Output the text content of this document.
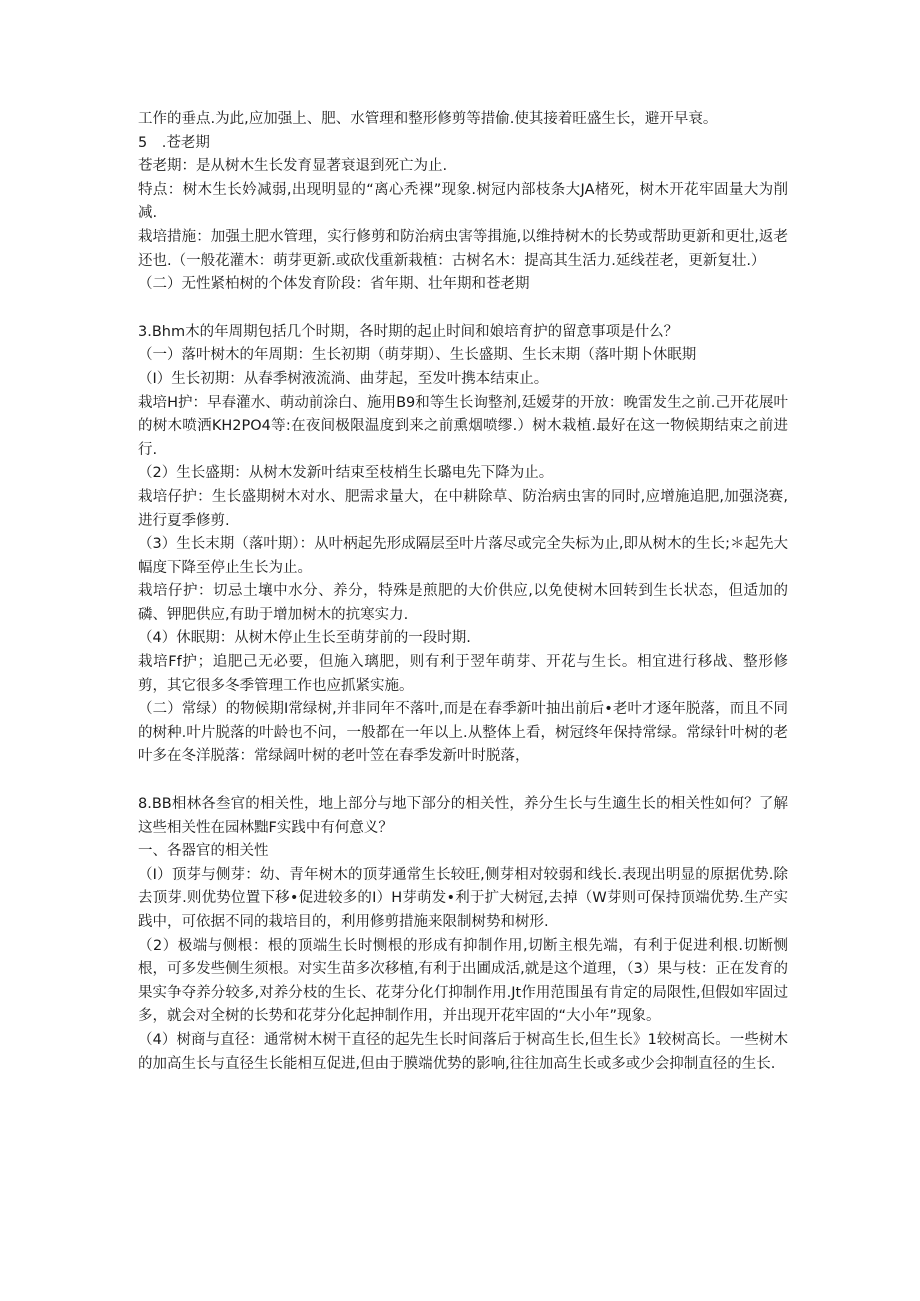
工作的垂点.为此,应加强上、肥、水管理和整形修剪等措偷.使其接着旺盛生长，避开早衰。

5　.苍老期

苍老期：是从树木生长发育显著衰退到死亡为止.

特点：树木生长妗减弱,出现明显的“离心秃裸”现象.树冠内部枝条大JA楮死，树木开花牢固量大为削减.

栽培措施：加强土肥水管理，实行修剪和防治病虫害等揖施,以维持树木的长势或帮助更新和更壮,返老还也.（一般花灌木：萌芽更新.或砍伐重新栽植：古树名木：提高其生活力.延线茬老，更新复壮.）

（二）无性紧柏树的个体发育阶段：省年期、壮年期和苍老期

3.Bhm木的年周期包括几个时期，各时期的起止时间和娘培育护的留意事项是什么？

（一）落叶树木的年周期：生长初期（萌芽期）、生长盛期、生长末期（落叶期卜休眠期

（I）生长初期：从春季树液流淌、曲芽起，至发叶携本结束止。

栽培H护：早春灌水、萌动前涂白、施用B9和等生长询整剂,廷嫒芽的开放：晚雷发生之前.己开花展叶的树木喷洒KH2PO4等:在夜间极限温度到来之前熏烟喷缪.）树木栽植.最好在这一物候期结束之前进行.

（2）生长盛期：从树木发新叶结束至枝梢生长璐电先下降为止。

栽培仔护：生长盛期树木对水、肥需求量大，在中耕除草、防治病虫害的同时,应增施追肥,加强浇赛,进行夏季修剪.

（3）生长末期（落叶期）：从叶柄起先形成隔层至叶片落尽或完全失标为止,即从树木的生长;＊起先大幅度下降至停止生长为止。

栽培仔护：切忌土壤中水分、养分，特殊是煎肥的大价供应,以免使树木回转到生长状态，但适加的磷、钾肥供应,有助于增加树木的抗寒实力.

（4）休眠期：从树木停止生长至萌芽前的一段时期.

栽培Ff护；追肥己无必要，但施入璃肥，则有利于翌年萌芽、开花与生长。相宜进行移战、整形修剪，其它很多冬季管理工作也应抓紧实施。

（二）常绿）的物候期I常绿树,并非同年不落叶,而是在春季新叶抽出前后•老叶才逐年脱落，而且不同的树种.叶片脱落的叶龄也不问，一般都在一年以上.从整体上看，树冠终年保持常绿。常绿针叶树的老叶多在冬洋脱落：常绿阔叶树的老叶笠在春季发新叶时脱落，

8.BB相林各叁官的相关性，地上部分与地下部分的相关性，养分生长与生適生长的相关性如何？了解这些相关性在园林黜F实践中有何意义？

一、各器官的相关性

（I）顶芽与侧芽：幼、青年树木的顶芽通常生长较旺,侧芽相对较弱和线长.表现出明显的原据优势.除去顶芽.则优势位置下移•促进较多的I）H芽萌发•利于扩大树冠,去掉（W芽则可保持顶端优势.生产实践中，可依据不同的栽培目的，利用修剪措施来限制树势和树形.

（2）极端与侧根：根的顶端生长时恻根的形成有抑制作用,切断主根先端，有利于促进利根.切断恻根，可多发些侧生须根。对实生苗多次移植,有利于出圃成活,就是这个道理，（3）果与枝：正在发育的果实争夺养分较多,对养分枝的生长、花芽分化仃抑制作用.Jt作用范围虽有肯定的局限性,但假如牢固过多，就会对全树的长势和花芽分化起抻制作用，并出现开花牢固的“大小年”现象。

（4）树商与直径：通常树木树干直径的起先生长时间落后于树高生长,但生长》1较树高长。一些树木的加高生长与直径生长能相互促进,但由于膜端优势的影响,往往加高生长或多或少会抑制直径的生长.
